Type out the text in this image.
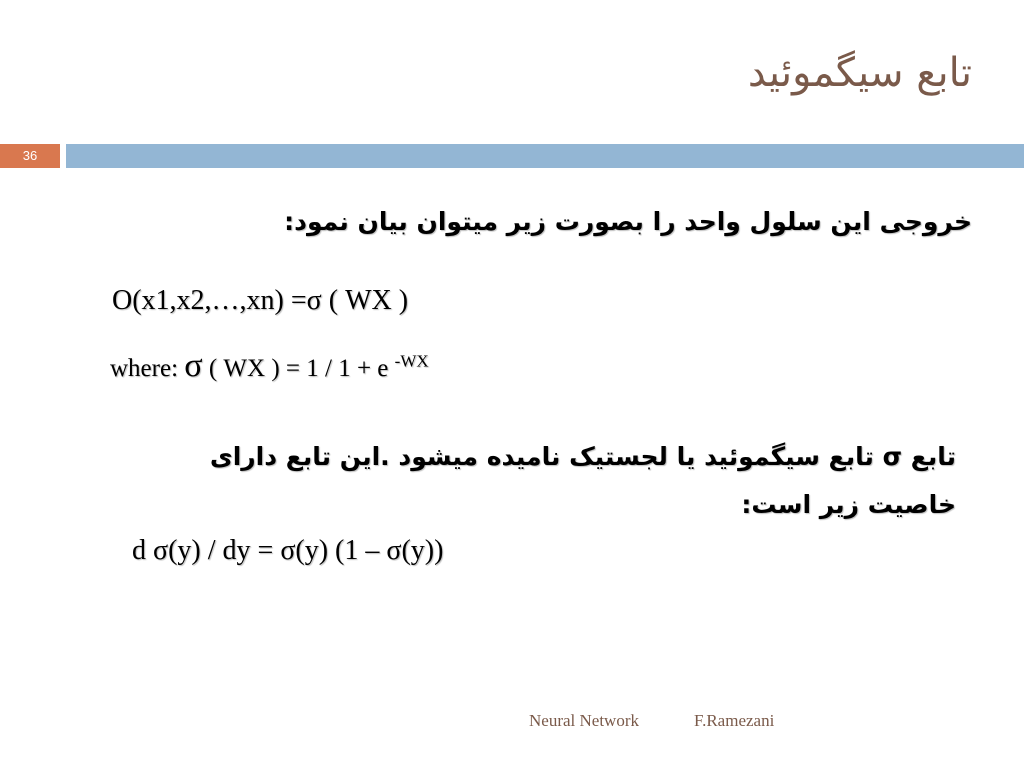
تابع سیگموئید
36
خروجی این سلول واحد را بصورت زیر میتوان بیان نمود:
O(x1,x2,…,xn) =σ ( WX )
where: σ ( WX ) = 1 / 1 + e $^{-WX}$
تابع σ تابع سیگموئید یا لجستیک نامیده میشود .این تابع دارای
خاصیت زیر است:
d σ(y) / dy = σ(y) (1 – σ(y))
Neural Network	F.Ramezani
